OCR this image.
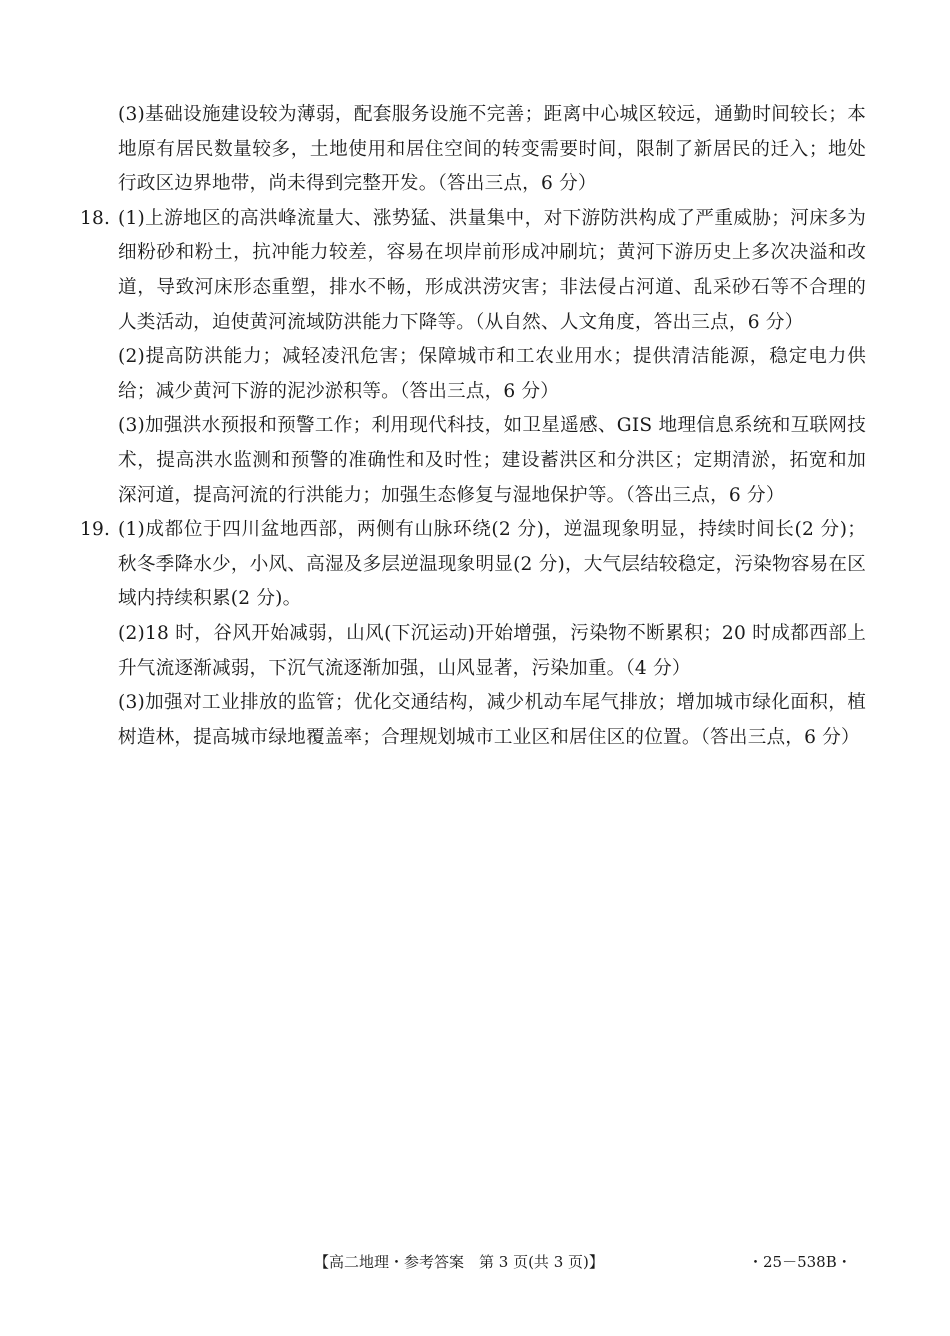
(3)基础设施建设较为薄弱，配套服务设施不完善；距离中心城区较远，通勤时间较长；本地原有居民数量较多，土地使用和居住空间的转变需要时间，限制了新居民的迁入；地处行政区边界地带，尚未得到完整开发。（答出三点，6 分）
18. (1)上游地区的高洪峰流量大、涨势猛、洪量集中，对下游防洪构成了严重威胁；河床多为细粉砂和粉土，抗冲能力较差，容易在坝岸前形成冲刷坑；黄河下游历史上多次决溢和改道，导致河床形态重塑，排水不畅，形成洪涝灾害；非法侵占河道、乱采砂石等不合理的人类活动，迫使黄河流域防洪能力下降等。（从自然、人文角度，答出三点，6 分）
(2)提高防洪能力；减轻凌汛危害；保障城市和工农业用水；提供清洁能源，稳定电力供给；减少黄河下游的泥沙淤积等。（答出三点，6 分）
(3)加强洪水预报和预警工作；利用现代科技，如卫星遥感、GIS 地理信息系统和互联网技术，提高洪水监测和预警的准确性和及时性；建设蓄洪区和分洪区；定期清淤，拓宽和加深河道，提高河流的行洪能力；加强生态修复与湿地保护等。（答出三点，6 分）
19. (1)成都位于四川盆地西部，两侧有山脉环绕(2 分)，逆温现象明显，持续时间长(2 分)；秋冬季降水少，小风、高湿及多层逆温现象明显(2 分)，大气层结较稳定，污染物容易在区域内持续积累(2 分)。
(2)18 时，谷风开始减弱，山风(下沉运动)开始增强，污染物不断累积；20 时成都西部上升气流逐渐减弱，下沉气流逐渐加强，山风显著，污染加重。（4 分）
(3)加强对工业排放的监管；优化交通结构，减少机动车尾气排放；增加城市绿化面积，植树造林，提高城市绿地覆盖率；合理规划城市工业区和居住区的位置。（答出三点，6 分）
【高二地理・参考答案　第 3 页(共 3 页)】	・25－538B・
